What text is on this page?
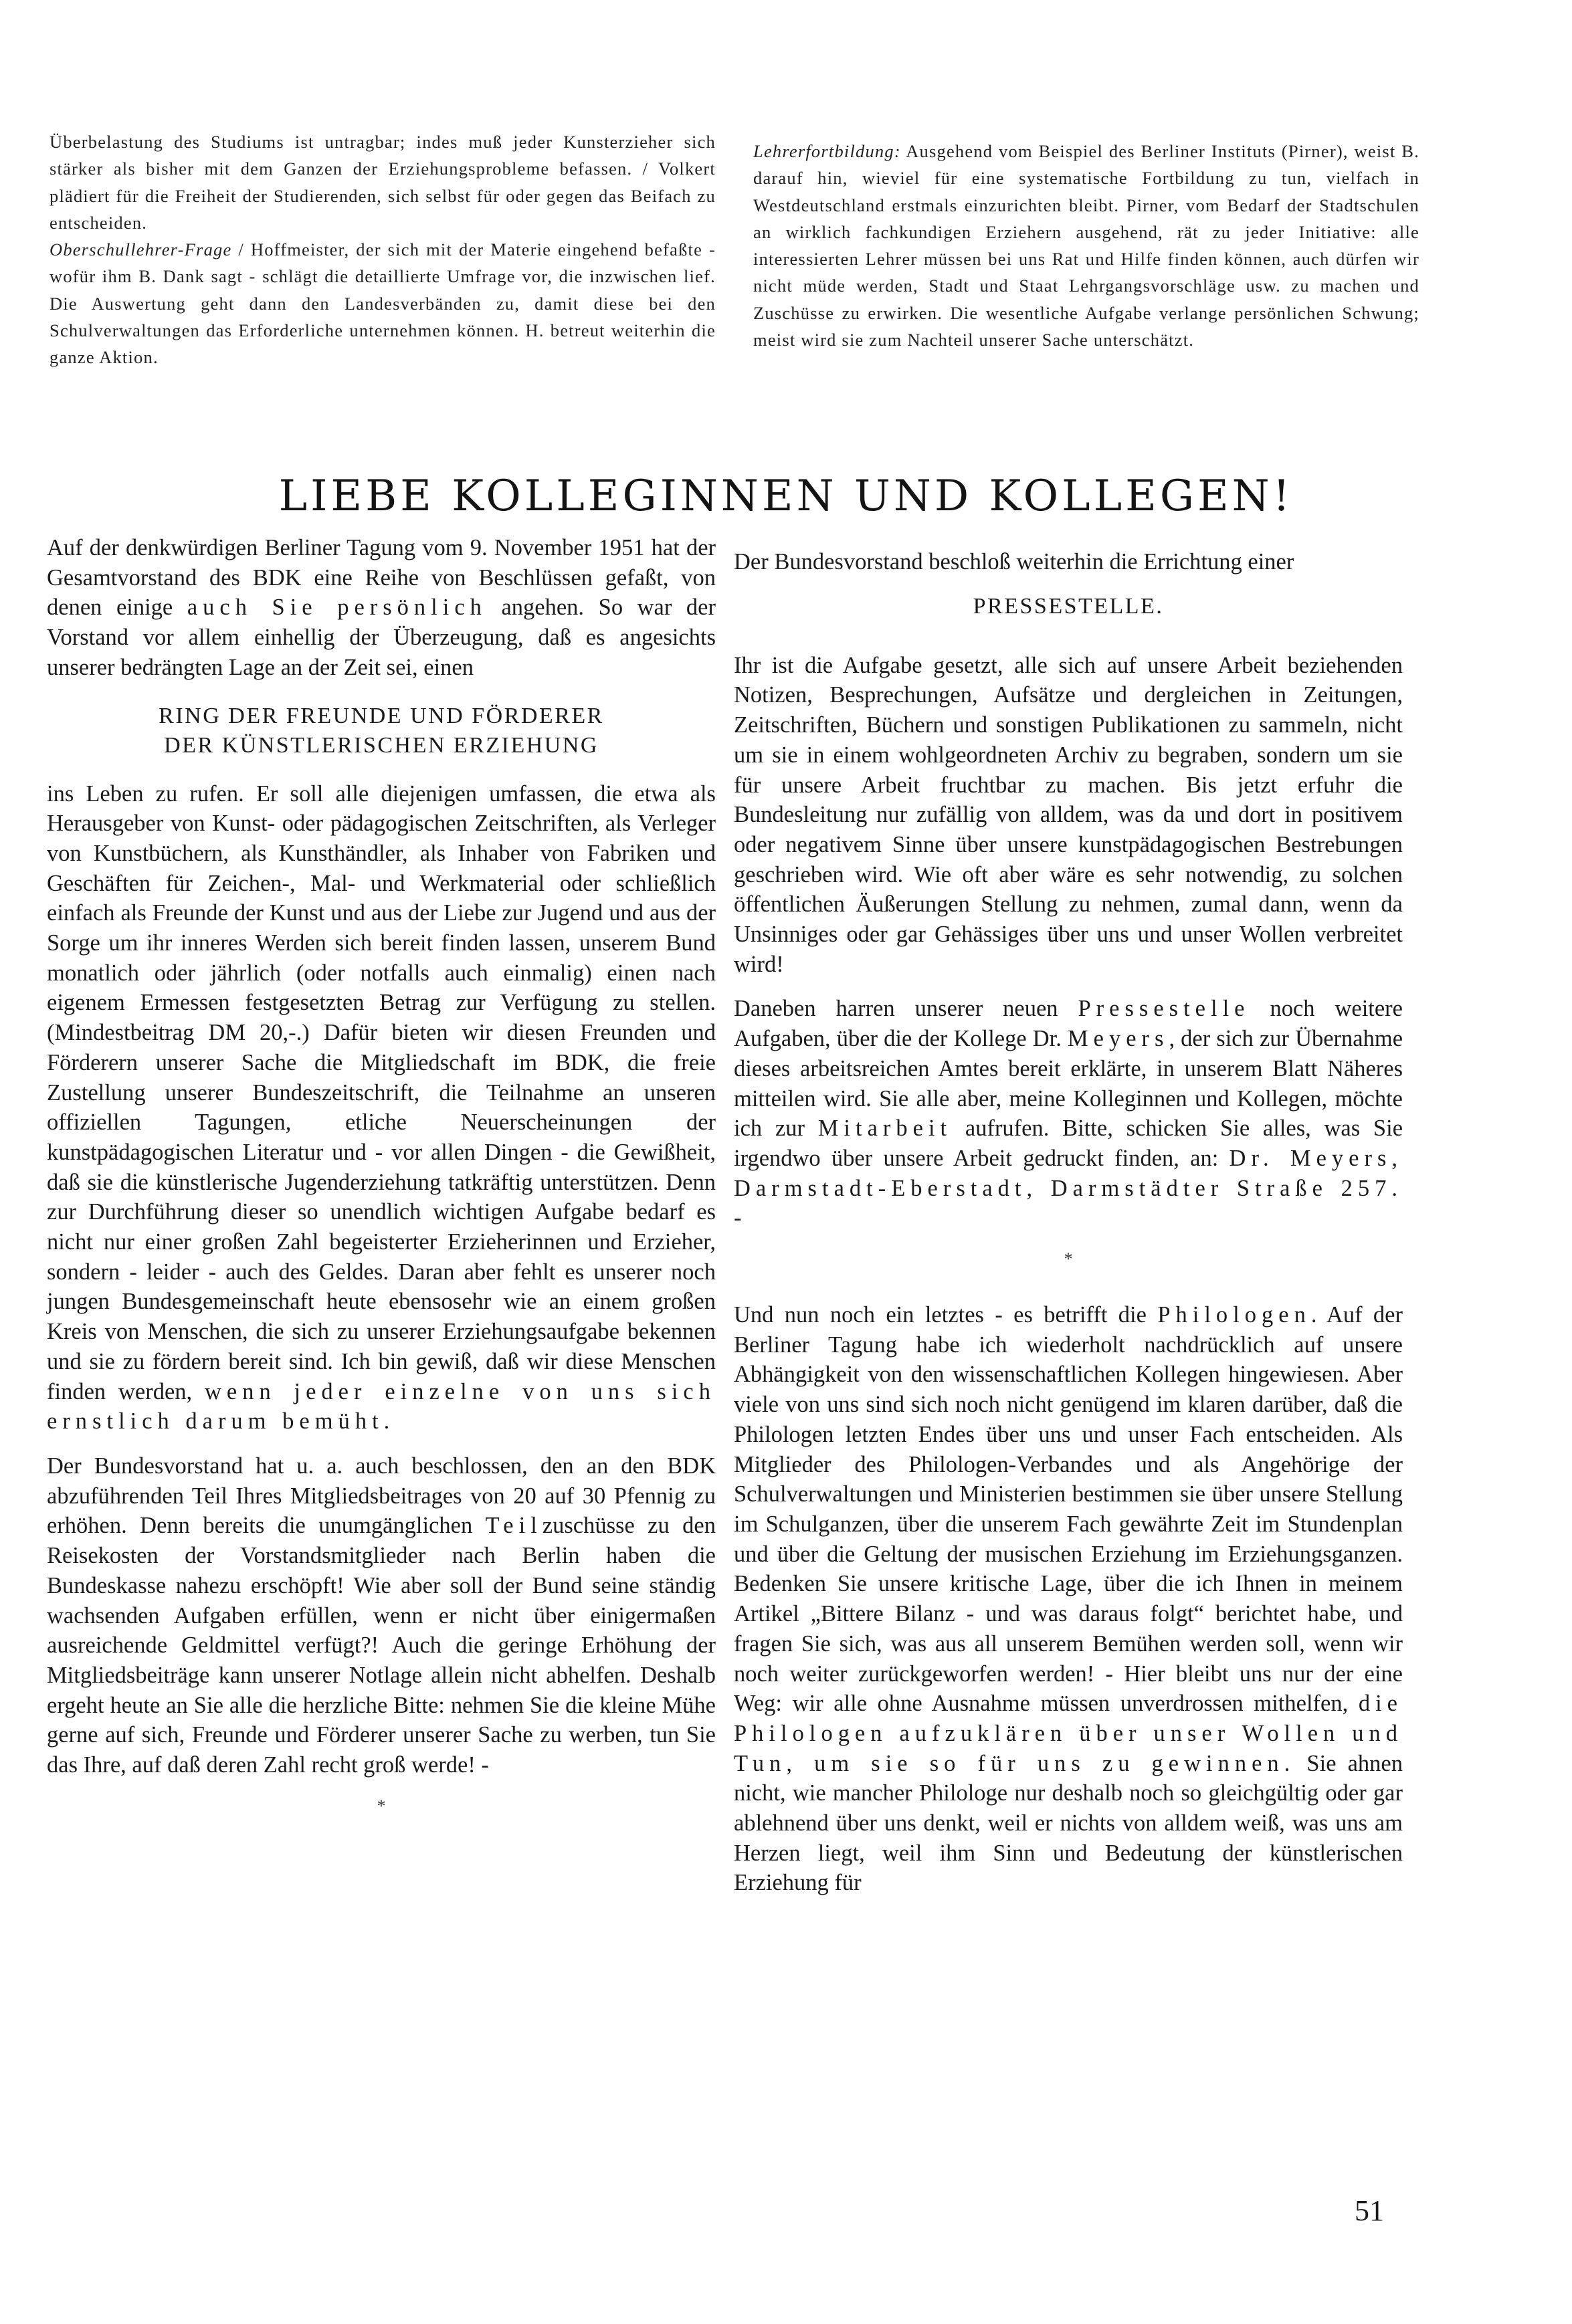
Überbelastung des Studiums ist untragbar; indes muß jeder Kunsterzieher sich stärker als bisher mit dem Ganzen der Erziehungsprobleme befassen. / Volkert plädiert für die Freiheit der Studierenden, sich selbst für oder gegen das Beifach zu entscheiden.

Oberschullehrer-Frage / Hoffmeister, der sich mit der Materie eingehend befaßte - wofür ihm B. Dank sagt - schlägt die detaillierte Umfrage vor, die inzwischen lief. Die Auswertung geht dann den Landesverbänden zu, damit diese bei den Schulverwaltungen das Erforderliche unternehmen können. H. betreut weiterhin die ganze Aktion.

Lehrerfortbildung: Ausgehend vom Beispiel des Berliner Instituts (Pirner), weist B. darauf hin, wieviel für eine systematische Fortbildung zu tun, vielfach in Westdeutschland erstmals einzurichten bleibt. Pirner, vom Bedarf der Stadtschulen an wirklich fachkundigen Erziehern ausgehend, rät zu jeder Initiative: alle interessierten Lehrer müssen bei uns Rat und Hilfe finden können, auch dürfen wir nicht müde werden, Stadt und Staat Lehrgangsvorschläge usw. zu machen und Zuschüsse zu erwirken. Die wesentliche Aufgabe verlange persönlichen Schwung; meist wird sie zum Nachteil unserer Sache unterschätzt.

LIEBE KOLLEGINNEN UND KOLLEGEN!

Auf der denkwürdigen Berliner Tagung vom 9. November 1951 hat der Gesamtvorstand des BDK eine Reihe von Beschlüssen gefaßt, von denen einige auch Sie persönlich angehen. So war der Vorstand vor allem einhellig der Überzeugung, daß es angesichts unserer bedrängten Lage an der Zeit sei, einen

RING DER FREUNDE UND FÖRDERER
DER KÜNSTLERISCHEN ERZIEHUNG

ins Leben zu rufen. Er soll alle diejenigen umfassen, die etwa als Herausgeber von Kunst- oder pädagogischen Zeitschriften, als Verleger von Kunstbüchern, als Kunsthändler, als Inhaber von Fabriken und Geschäften für Zeichen-, Mal- und Werkmaterial oder schließlich einfach als Freunde der Kunst und aus der Liebe zur Jugend und aus der Sorge um ihr inneres Werden sich bereit finden lassen, unserem Bund monatlich oder jährlich (oder notfalls auch einmalig) einen nach eigenem Ermessen festgesetzten Betrag zur Verfügung zu stellen. (Mindestbeitrag DM 20,-.) Dafür bieten wir diesen Freunden und Förderern unserer Sache die Mitgliedschaft im BDK, die freie Zustellung unserer Bundeszeitschrift, die Teilnahme an unseren offiziellen Tagungen, etliche Neuerscheinungen der kunstpädagogischen Literatur und - vor allen Dingen - die Gewißheit, daß sie die künstlerische Jugenderziehung tatkräftig unterstützen. Denn zur Durchführung dieser so unendlich wichtigen Aufgabe bedarf es nicht nur einer großen Zahl begeisterter Erzieherinnen und Erzieher, sondern - leider - auch des Geldes. Daran aber fehlt es unserer noch jungen Bundesgemeinschaft heute ebensosehr wie an einem großen Kreis von Menschen, die sich zu unserer Erziehungsaufgabe bekennen und sie zu fördern bereit sind. Ich bin gewiß, daß wir diese Menschen finden werden, wenn jeder einzelne von uns sich ernstlich darum bemüht.

Der Bundesvorstand hat u. a. auch beschlossen, den an den BDK abzuführenden Teil Ihres Mitgliedsbeitrages von 20 auf 30 Pfennig zu erhöhen. Denn bereits die unumgänglichen Teilzuschüsse zu den Reisekosten der Vorstandsmitglieder nach Berlin haben die Bundeskasse nahezu erschöpft! Wie aber soll der Bund seine ständig wachsenden Aufgaben erfüllen, wenn er nicht über einigermaßen ausreichende Geldmittel verfügt?! Auch die geringe Erhöhung der Mitgliedsbeiträge kann unserer Notlage allein nicht abhelfen. Deshalb ergeht heute an Sie alle die herzliche Bitte: nehmen Sie die kleine Mühe gerne auf sich, Freunde und Förderer unserer Sache zu werben, tun Sie das Ihre, auf daß deren Zahl recht groß werde! -

*

Der Bundesvorstand beschloß weiterhin die Errichtung einer

PRESSESTELLE.

Ihr ist die Aufgabe gesetzt, alle sich auf unsere Arbeit beziehenden Notizen, Besprechungen, Aufsätze und dergleichen in Zeitungen, Zeitschriften, Büchern und sonstigen Publikationen zu sammeln, nicht um sie in einem wohlgeordneten Archiv zu begraben, sondern um sie für unsere Arbeit fruchtbar zu machen. Bis jetzt erfuhr die Bundesleitung nur zufällig von alldem, was da und dort in positivem oder negativem Sinne über unsere kunstpädagogischen Bestrebungen geschrieben wird. Wie oft aber wäre es sehr notwendig, zu solchen öffentlichen Äußerungen Stellung zu nehmen, zumal dann, wenn da Unsinniges oder gar Gehässiges über uns und unser Wollen verbreitet wird!

Daneben harren unserer neuen Pressestelle noch weitere Aufgaben, über die der Kollege Dr. Meyers, der sich zur Übernahme dieses arbeitsreichen Amtes bereit erklärte, in unserem Blatt Näheres mitteilen wird. Sie alle aber, meine Kolleginnen und Kollegen, möchte ich zur Mitarbeit aufrufen. Bitte, schicken Sie alles, was Sie irgendwo über unsere Arbeit gedruckt finden, an: Dr. Meyers, Darmstadt-Eberstadt, Darmstädter Straße 257. -

*

Und nun noch ein letztes - es betrifft die Philologen. Auf der Berliner Tagung habe ich wiederholt nachdrücklich auf unsere Abhängigkeit von den wissenschaftlichen Kollegen hingewiesen. Aber viele von uns sind sich noch nicht genügend im klaren darüber, daß die Philologen letzten Endes über uns und unser Fach entscheiden. Als Mitglieder des Philologen-Verbandes und als Angehörige der Schulverwaltungen und Ministerien bestimmen sie über unsere Stellung im Schulganzen, über die unserem Fach gewährte Zeit im Stundenplan und über die Geltung der musischen Erziehung im Erziehungsganzen. Bedenken Sie unsere kritische Lage, über die ich Ihnen in meinem Artikel „Bittere Bilanz - und was daraus folgt“ berichtet habe, und fragen Sie sich, was aus all unserem Bemühen werden soll, wenn wir noch weiter zurückgeworfen werden! - Hier bleibt uns nur der eine Weg: wir alle ohne Ausnahme müssen unverdrossen mithelfen, die Philologen aufzuklären über unser Wollen und Tun, um sie so für uns zu gewinnen. Sie ahnen nicht, wie mancher Philologe nur deshalb noch so gleichgültig oder gar ablehnend über uns denkt, weil er nichts von alldem weiß, was uns am Herzen liegt, weil ihm Sinn und Bedeutung der künstlerischen Erziehung für

51
